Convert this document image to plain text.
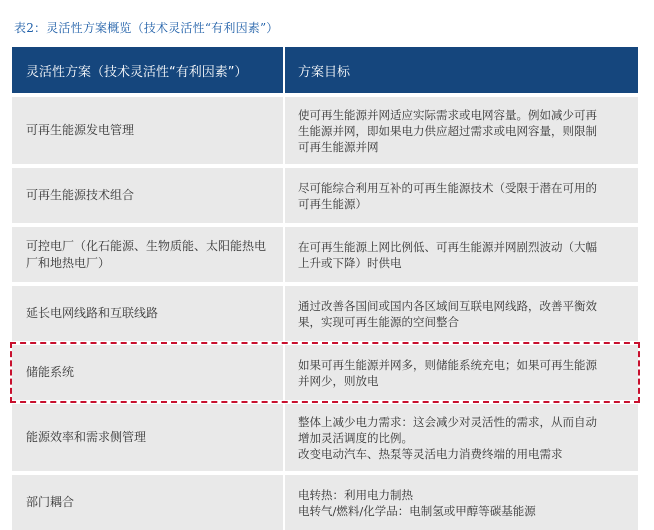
表2：灵活性方案概览（技术灵活性“有利因素”）
灵活性方案（技术灵活性“有利因素”）	方案目标
可再生能源发电管理
使可再生能源并网适应实际需求或电网容量。例如减少可再
生能源并网，即如果电力供应超过需求或电网容量，则限制
可再生能源并网
可再生能源技术组合
尽可能综合利用互补的可再生能源技术（受限于潜在可用的
可再生能源）
可控电厂（化石能源、生物质能、太阳能热电厂和地热电厂）
在可再生能源上网比例低、可再生能源并网剧烈波动（大幅
上升或下降）时供电
延长电网线路和互联线路
通过改善各国间或国内各区域间互联电网线路，改善平衡效
果，实现可再生能源的空间整合
储能系统
如果可再生能源并网多，则储能系统充电；如果可再生能源
并网少，则放电
能源效率和需求侧管理
整体上减少电力需求：这会减少对灵活性的需求，从而自动
增加灵活调度的比例。
改变电动汽车、热泵等灵活电力消费终端的用电需求
部门耦合
电转热：利用电力制热
电转气/燃料/化学品：电制氢或甲醇等碳基能源
